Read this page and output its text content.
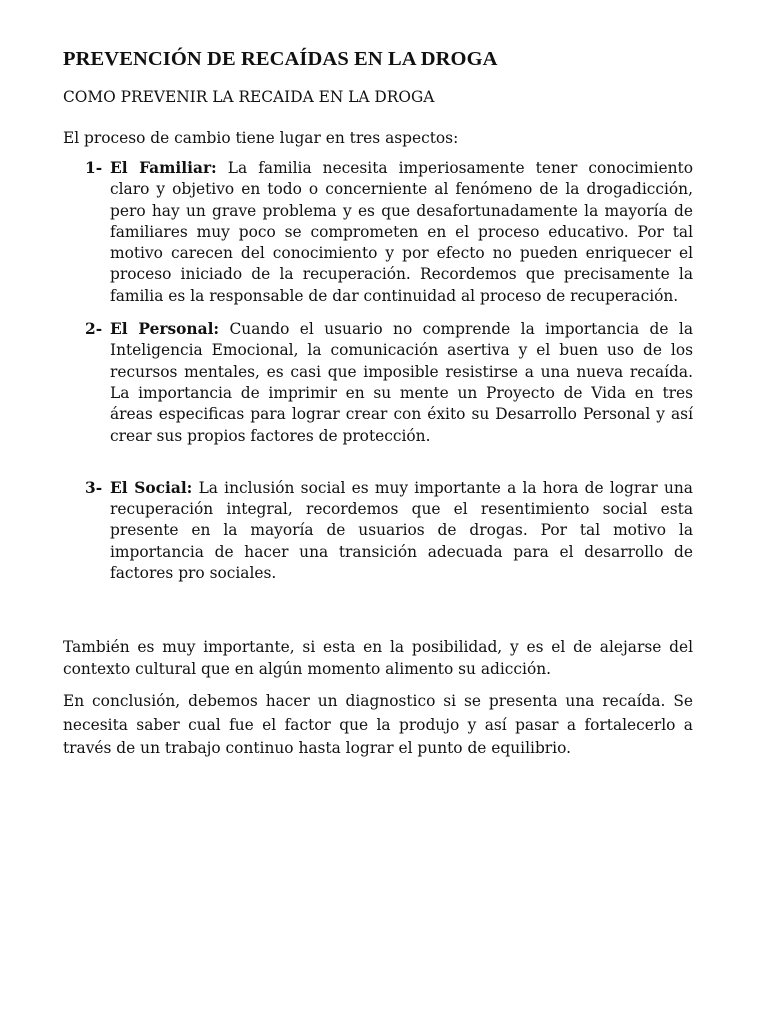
PREVENCIÓN DE RECAÍDAS EN LA DROGA

COMO PREVENIR LA RECAIDA EN LA DROGA

El proceso de cambio tiene lugar en tres aspectos:

1- El Familiar: La familia necesita imperiosamente tener conocimiento claro y objetivo en todo o concerniente al fenómeno de la drogadicción, pero hay un grave problema y es que desafortunadamente la mayoría de familiares muy poco se comprometen en el proceso educativo. Por tal motivo carecen del conocimiento y por efecto no pueden enriquecer el proceso iniciado de la recuperación. Recordemos que precisamente la familia es la responsable de dar continuidad al proceso de recuperación.
2- El Personal: Cuando el usuario no comprende la importancia de la Inteligencia Emocional, la comunicación asertiva y el buen uso de los recursos mentales, es casi que imposible resistirse a una nueva recaída. La importancia de imprimir en su mente un Proyecto de Vida en tres áreas especificas para lograr crear con éxito su Desarrollo Personal y así crear sus propios factores de protección.
3- El Social: La inclusión social es muy importante a la hora de lograr una recuperación integral, recordemos que el resentimiento social esta presente en la mayoría de usuarios de drogas. Por tal motivo la importancia de hacer una transición adecuada para el desarrollo de factores pro sociales.

También es muy importante, si esta en la posibilidad, y es el de alejarse del contexto cultural que en algún momento alimento su adicción.

En conclusión, debemos hacer un diagnostico si se presenta una recaída. Se necesita saber cual fue el factor que la produjo y así pasar a fortalecerlo a través de un trabajo continuo hasta lograr el punto de equilibrio.
